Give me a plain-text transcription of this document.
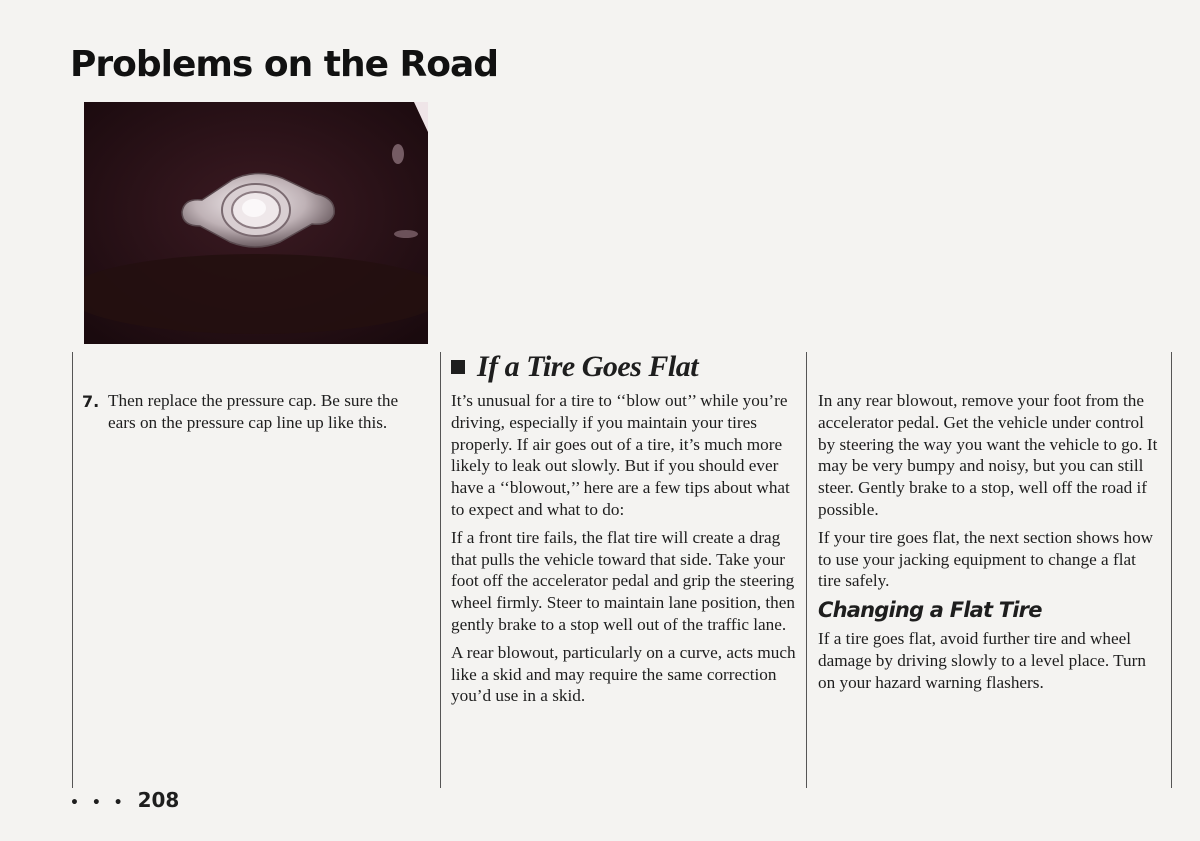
Problems on the Road
7. Then replace the pressure cap. Be sure the ears on the pressure cap line up like this.
If a Tire Goes Flat

It’s unusual for a tire to ‘‘blow out’’ while you’re driving, especially if you maintain your tires properly. If air goes out of a tire, it’s much more likely to leak out slowly. But if you should ever have a ‘‘blowout,’’ here are a few tips about what to expect and what to do:

If a front tire fails, the flat tire will create a drag that pulls the vehicle toward that side. Take your foot off the accelerator pedal and grip the steering wheel firmly. Steer to maintain lane position, then gently brake to a stop well out of the traffic lane.

A rear blowout, particularly on a curve, acts much like a skid and may require the same correction you’d use in a skid.

In any rear blowout, remove your foot from the accelerator pedal. Get the vehicle under control by steering the way you want the vehicle to go. It may be very bumpy and noisy, but you can still steer. Gently brake to a stop, well off the road if possible.

If your tire goes flat, the next section shows how to use your jacking equipment to change a flat tire safely.

Changing a Flat Tire

If a tire goes flat, avoid further tire and wheel damage by driving slowly to a level place. Turn on your hazard warning flashers.

• • • 208
